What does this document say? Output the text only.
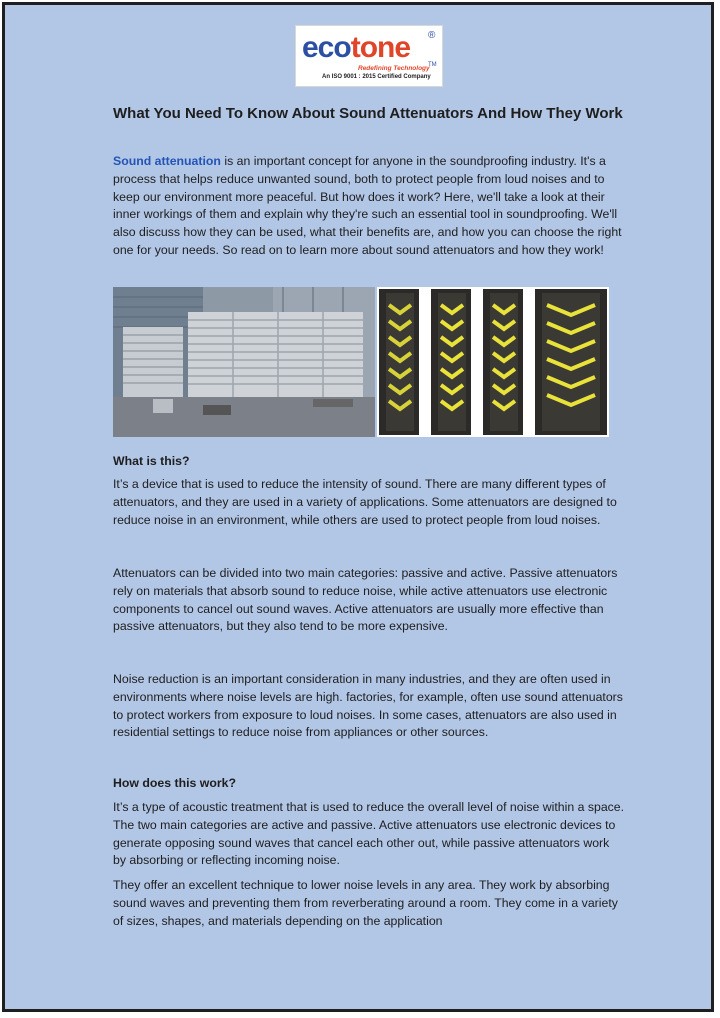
ecotone ®
TM
Redefining Technology
An ISO 9001 : 2015 Certified Company
What You Need To Know About Sound Attenuators And How They Work

Sound attenuation is an important concept for anyone in the soundproofing industry. It's a process that helps reduce unwanted sound, both to protect people from loud noises and to keep our environment more peaceful. But how does it work? Here, we'll take a look at their inner workings of them and explain why they're such an essential tool in soundproofing. We'll also discuss how they can be used, what their benefits are, and how you can choose the right one for your needs. So read on to learn more about sound attenuators and how they work!

What is this?

It’s a device that is used to reduce the intensity of sound. There are many different types of attenuators, and they are used in a variety of applications. Some attenuators are designed to reduce noise in an environment, while others are used to protect people from loud noises.

Attenuators can be divided into two main categories: passive and active. Passive attenuators rely on materials that absorb sound to reduce noise, while active attenuators use electronic components to cancel out sound waves. Active attenuators are usually more effective than passive attenuators, but they also tend to be more expensive.

Noise reduction is an important consideration in many industries, and they are often used in environments where noise levels are high. factories, for example, often use sound attenuators to protect workers from exposure to loud noises. In some cases, attenuators are also used in residential settings to reduce noise from appliances or other sources.

How does this work?

It’s a type of acoustic treatment that is used to reduce the overall level of noise within a space. The two main categories are active and passive. Active attenuators use electronic devices to generate opposing sound waves that cancel each other out, while passive attenuators work by absorbing or reflecting incoming noise.

They offer an excellent technique to lower noise levels in any area. They work by absorbing sound waves and preventing them from reverberating around a room. They come in a variety of sizes, shapes, and materials depending on the application
